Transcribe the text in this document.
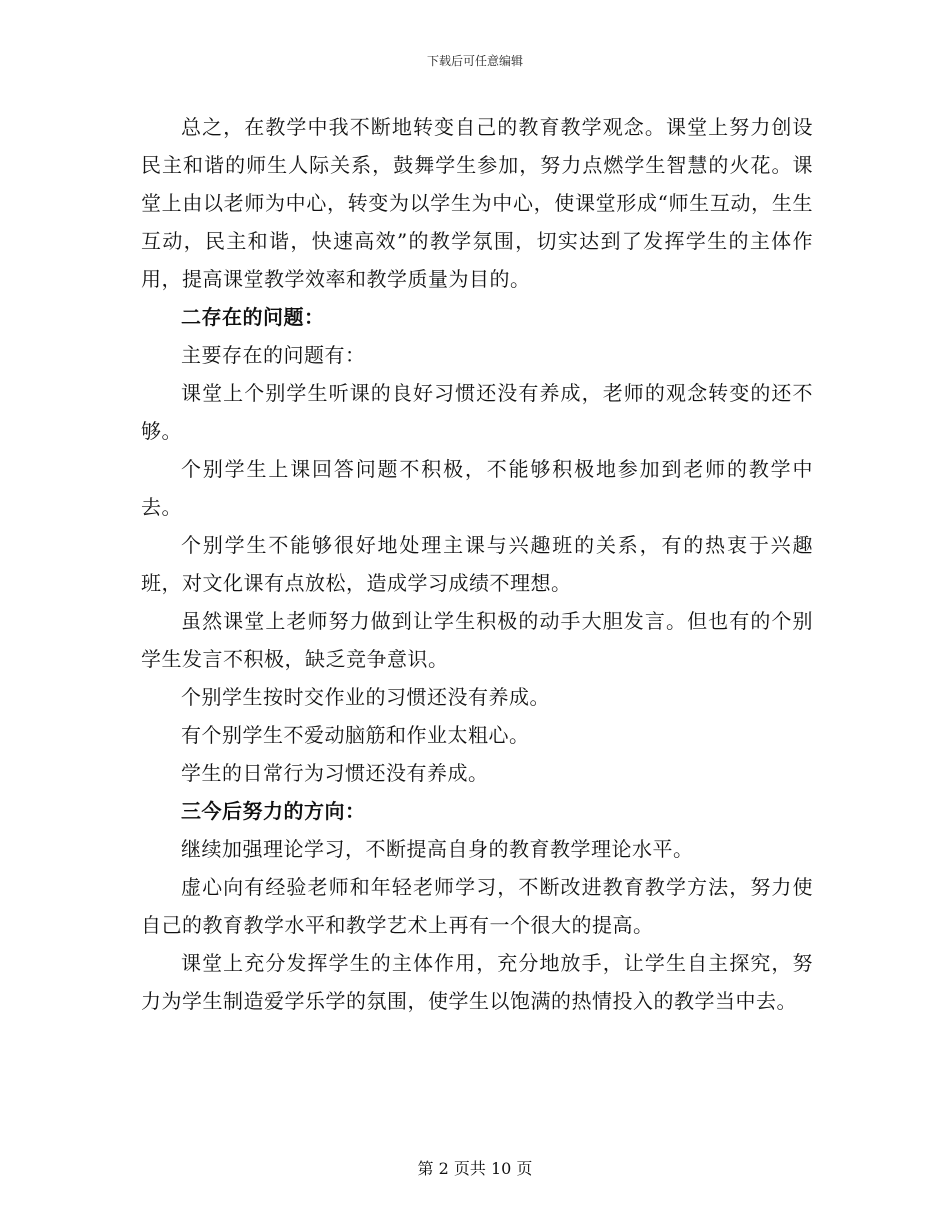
下载后可任意编辑

总之，在教学中我不断地转变自己的教育教学观念。课堂上努力创设民主和谐的师生人际关系，鼓舞学生参加，努力点燃学生智慧的火花。课堂上由以老师为中心，转变为以学生为中心，使课堂形成“师生互动，生生互动，民主和谐，快速高效”的教学氛围，切实达到了发挥学生的主体作用，提高课堂教学效率和教学质量为目的。

二存在的问题：

主要存在的问题有：

课堂上个别学生听课的良好习惯还没有养成，老师的观念转变的还不够。

个别学生上课回答问题不积极，不能够积极地参加到老师的教学中去。

个别学生不能够很好地处理主课与兴趣班的关系，有的热衷于兴趣班，对文化课有点放松，造成学习成绩不理想。

虽然课堂上老师努力做到让学生积极的动手大胆发言。但也有的个别学生发言不积极，缺乏竞争意识。

个别学生按时交作业的习惯还没有养成。

有个别学生不爱动脑筋和作业太粗心。

学生的日常行为习惯还没有养成。

三今后努力的方向：

继续加强理论学习，不断提高自身的教育教学理论水平。

虚心向有经验老师和年轻老师学习，不断改进教育教学方法，努力使自己的教育教学水平和教学艺术上再有一个很大的提高。

课堂上充分发挥学生的主体作用，充分地放手，让学生自主探究，努力为学生制造爱学乐学的氛围，使学生以饱满的热情投入的教学当中去。

第 2 页共 10 页
